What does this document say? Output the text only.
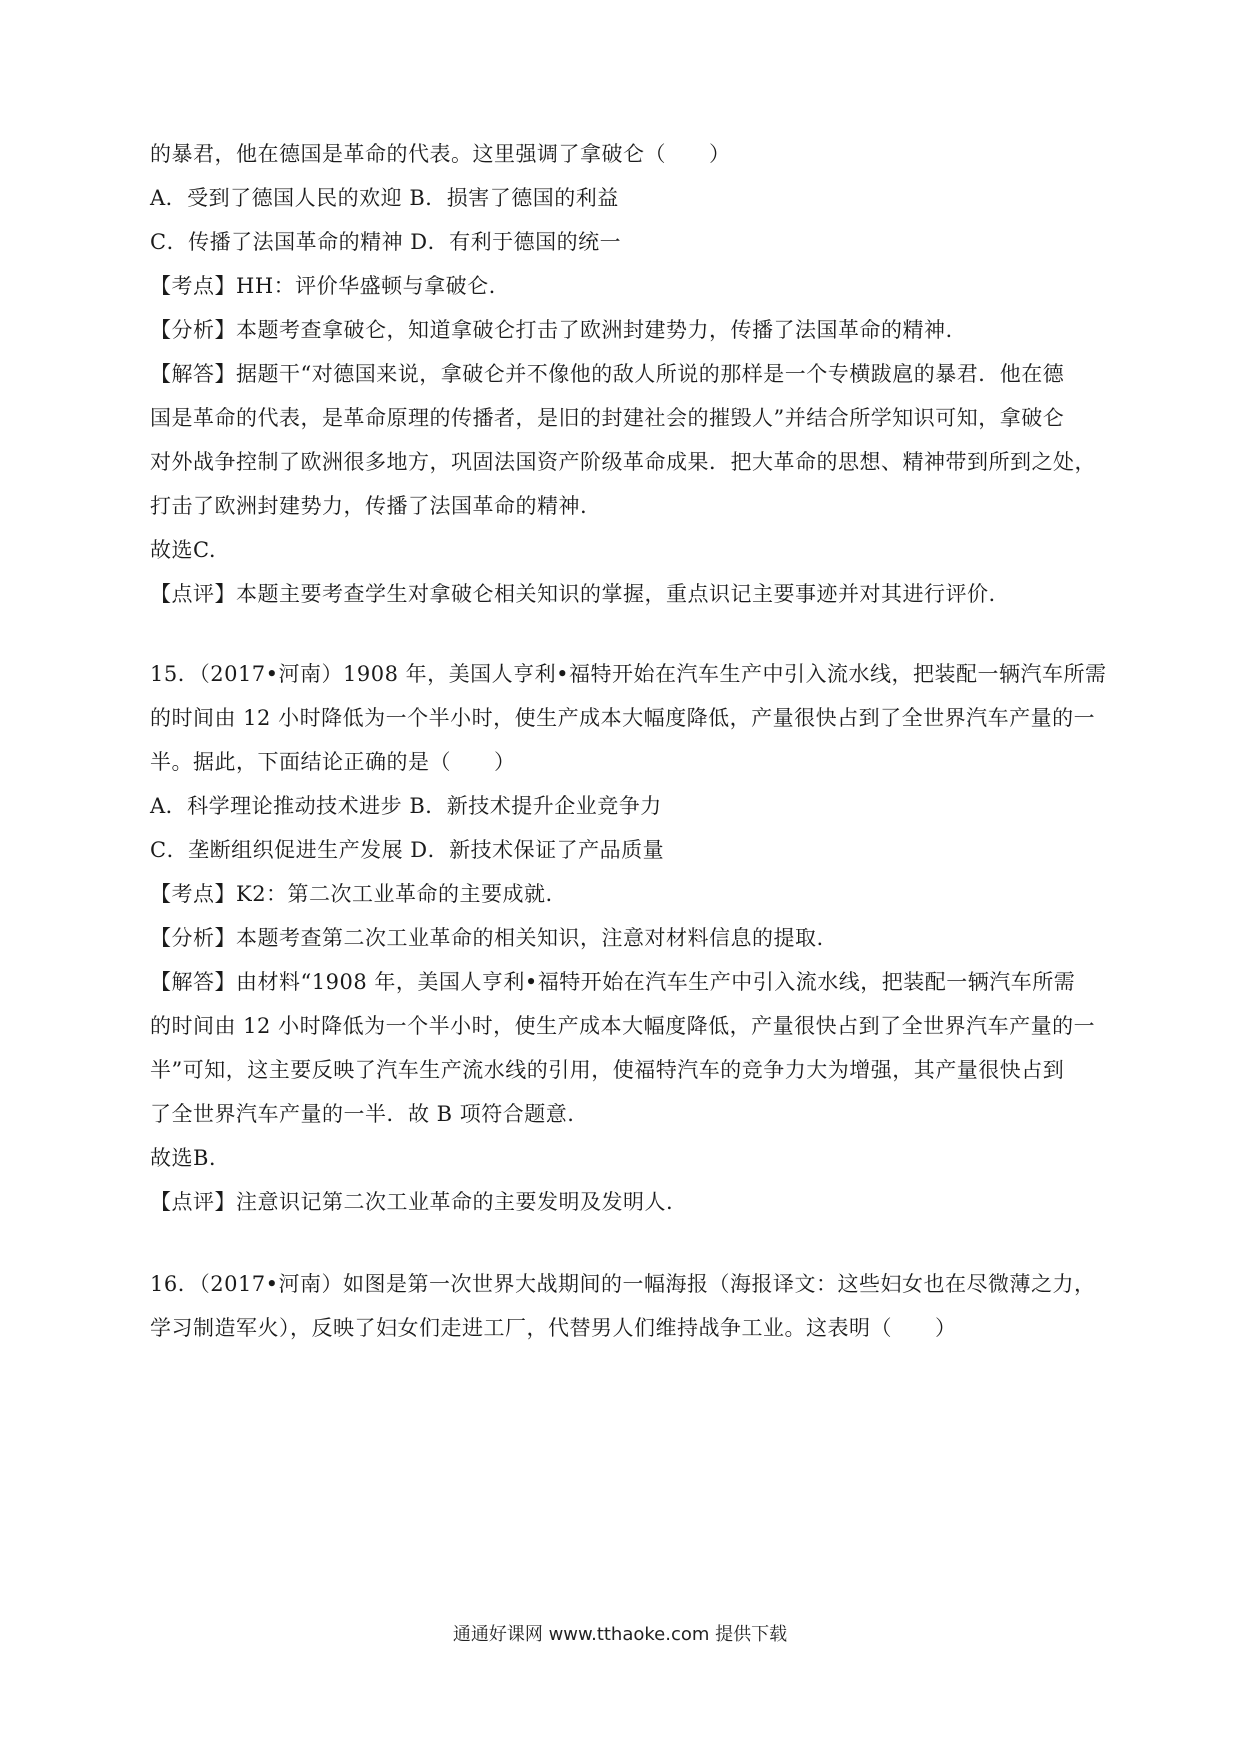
的暴君，他在德国是革命的代表。这里强调了拿破仑（　　）
A．受到了德国人民的欢迎 B．损害了德国的利益
C．传播了法国革命的精神 D．有利于德国的统一
【考点】HH：评价华盛顿与拿破仑.
【分析】本题考查拿破仑，知道拿破仑打击了欧洲封建势力，传播了法国革命的精神.
【解答】据题干“对德国来说，拿破仑并不像他的敌人所说的那样是一个专横跋扈的暴君．他在德
国是革命的代表，是革命原理的传播者，是旧的封建社会的摧毁人”并结合所学知识可知，拿破仑
对外战争控制了欧洲很多地方，巩固法国资产阶级革命成果．把大革命的思想、精神带到所到之处，
打击了欧洲封建势力，传播了法国革命的精神.
故选C.
【点评】本题主要考查学生对拿破仑相关知识的掌握，重点识记主要事迹并对其进行评价.
15．（2017•河南）1908 年，美国人亨利•福特开始在汽车生产中引入流水线，把装配一辆汽车所需
的时间由 12 小时降低为一个半小时，使生产成本大幅度降低，产量很快占到了全世界汽车产量的一
半。据此，下面结论正确的是（　　）
A．科学理论推动技术进步 B．新技术提升企业竞争力
C．垄断组织促进生产发展 D．新技术保证了产品质量
【考点】K2：第二次工业革命的主要成就.
【分析】本题考查第二次工业革命的相关知识，注意对材料信息的提取.
【解答】由材料“1908 年，美国人亨利•福特开始在汽车生产中引入流水线，把装配一辆汽车所需
的时间由 12 小时降低为一个半小时，使生产成本大幅度降低，产量很快占到了全世界汽车产量的一
半”可知，这主要反映了汽车生产流水线的引用，使福特汽车的竞争力大为增强，其产量很快占到
了全世界汽车产量的一半．故 B 项符合题意.
故选B.
【点评】注意识记第二次工业革命的主要发明及发明人.
16．（2017•河南）如图是第一次世界大战期间的一幅海报（海报译文：这些妇女也在尽微薄之力，
学习制造军火），反映了妇女们走进工厂，代替男人们维持战争工业。这表明（　　）
通通好课网 www.tthaoke.com 提供下载
